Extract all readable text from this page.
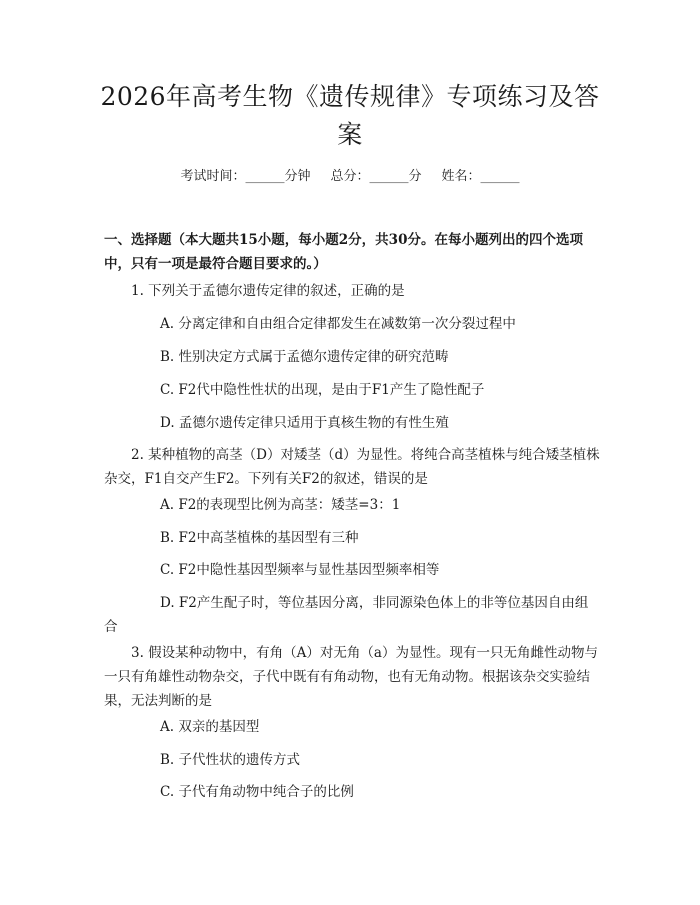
2026年高考生物《遗传规律》专项练习及答案
考试时间：______分钟 总分：______分 姓名：______
一、选择题（本大题共15小题，每小题2分，共30分。在每小题列出的四个选项中，只有一项是最符合题目要求的。）
1. 下列关于孟德尔遗传定律的叙述，正确的是
A. 分离定律和自由组合定律都发生在减数第一次分裂过程中
B. 性别决定方式属于孟德尔遗传定律的研究范畴
C. F2代中隐性性状的出现，是由于F1产生了隐性配子
D. 孟德尔遗传定律只适用于真核生物的有性生殖
2. 某种植物的高茎（D）对矮茎（d）为显性。将纯合高茎植株与纯合矮茎植株杂交，F1自交产生F2。下列有关F2的叙述，错误的是
A. F2的表现型比例为高茎：矮茎=3：1
B. F2中高茎植株的基因型有三种
C. F2中隐性基因型频率与显性基因型频率相等
D. F2产生配子时，等位基因分离，非同源染色体上的非等位基因自由组合
3. 假设某种动物中，有角（A）对无角（a）为显性。现有一只无角雌性动物与一只有角雄性动物杂交，子代中既有有角动物，也有无角动物。根据该杂交实验结果，无法判断的是
A. 双亲的基因型
B. 子代性状的遗传方式
C. 子代有角动物中纯合子的比例
